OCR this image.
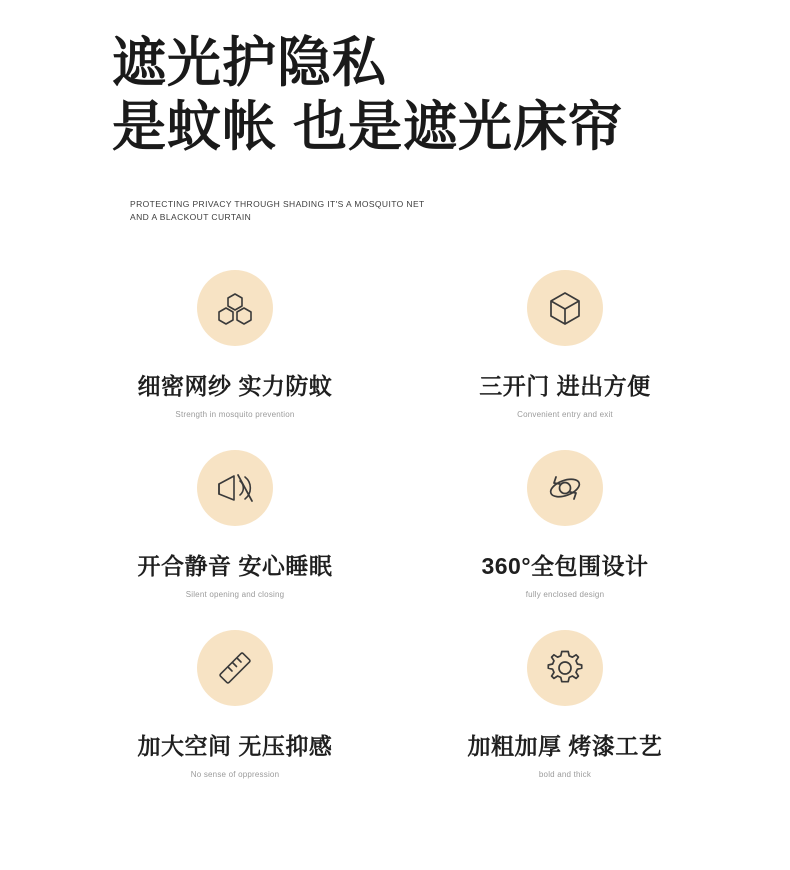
遮光护隐私
是蚊帐 也是遮光床帘
PROTECTING PRIVACY THROUGH SHADING IT'S A MOSQUITO NET AND A BLACKOUT CURTAIN
细密网纱 实力防蚊
Strength in mosquito prevention
三开门 进出方便
Convenient entry and exit
开合静音 安心睡眠
Silent opening and closing
360°全包围设计
fully enclosed design
加大空间 无压抑感
No sense of oppression
加粗加厚 烤漆工艺
bold and thick
